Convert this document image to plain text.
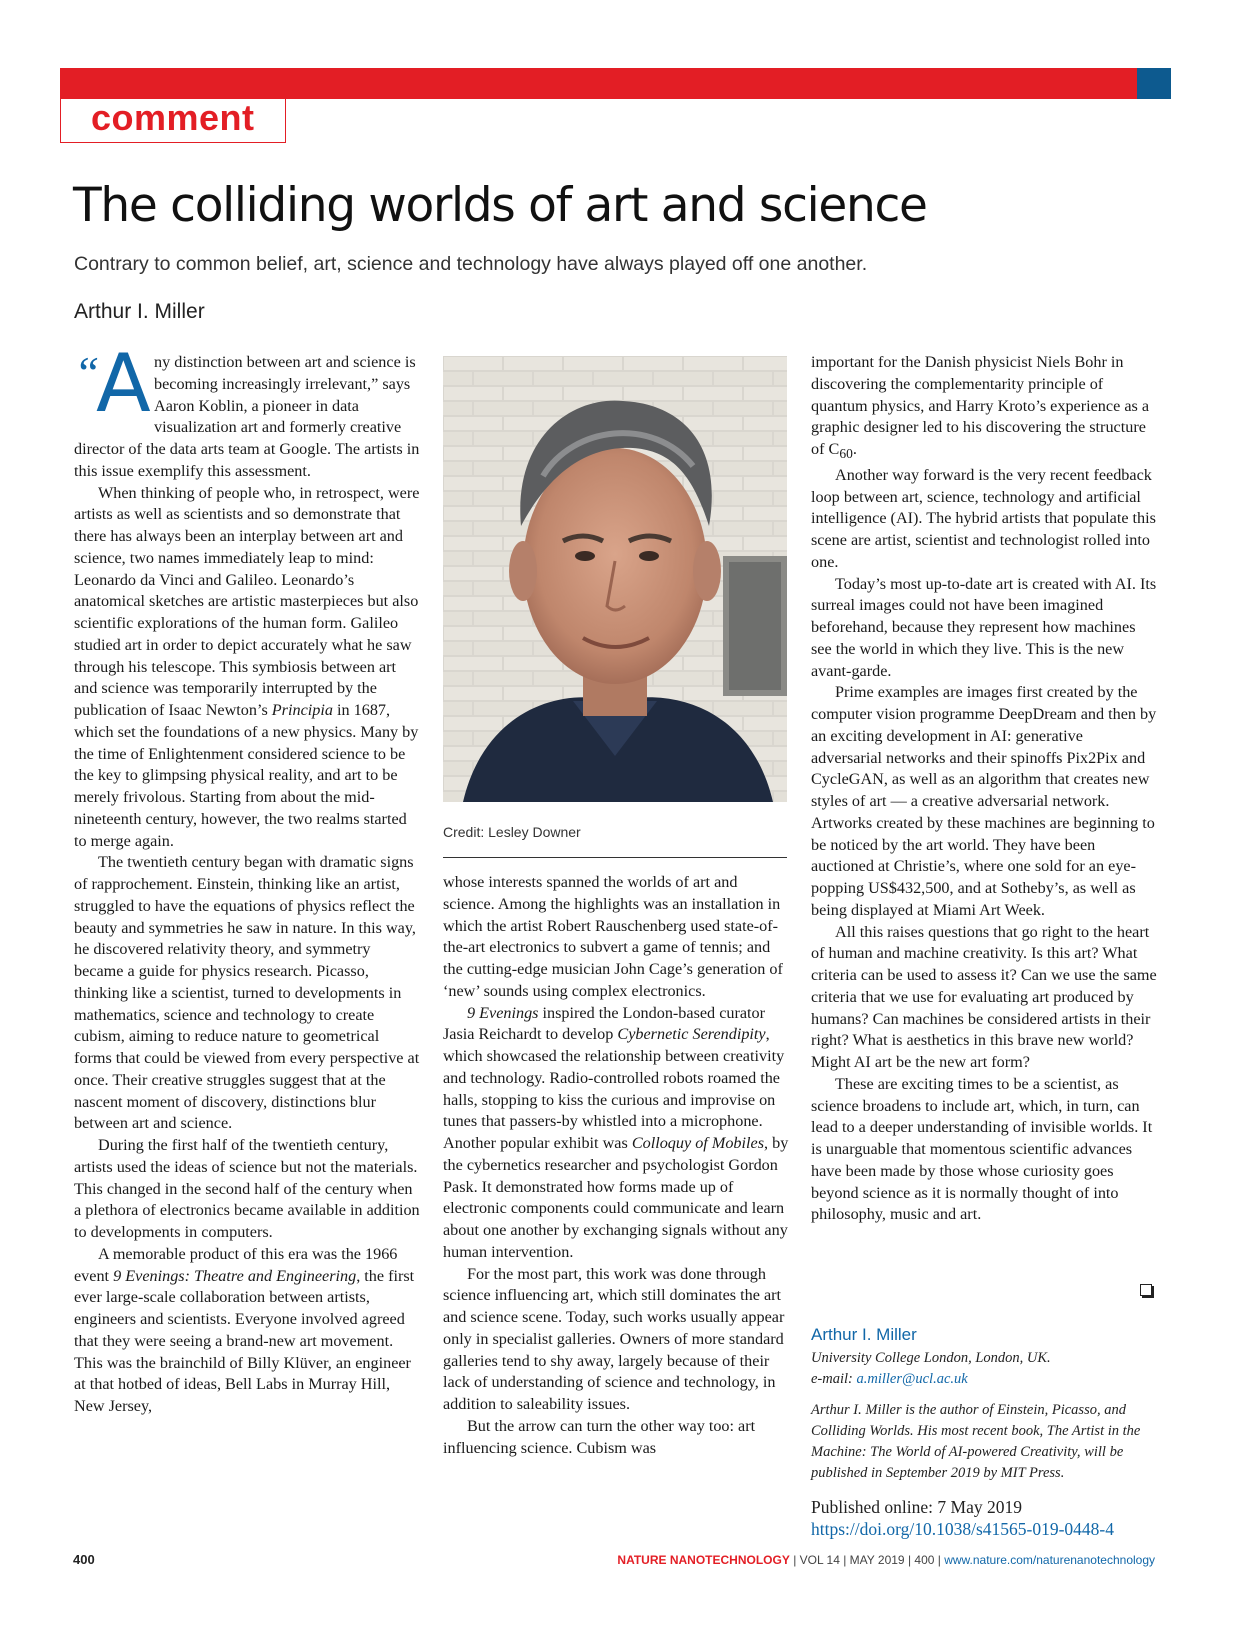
comment
The colliding worlds of art and science

Contrary to common belief, art, science and technology have always played off one another.

Arthur I. Miller

“
A ny distinction between art and science is becoming increasingly irrelevant,” says Aaron Koblin, a pioneer in data visualization art and formerly creative director of the data arts team at Google. The artists in this issue exemplify this assessment.

When thinking of people who, in retrospect, were artists as well as scientists and so demonstrate that there has always been an interplay between art and science, two names immediately leap to mind: Leonardo da Vinci and Galileo. Leonardo’s anatomical sketches are artistic masterpieces but also scientific explorations of the human form. Galileo studied art in order to depict accurately what he saw through his telescope. This symbiosis between art and science was temporarily interrupted by the publication of Isaac Newton’s Principia in 1687, which set the foundations of a new physics. Many by the time of Enlightenment considered science to be the key to glimpsing physical reality, and art to be merely frivolous. Starting from about the mid-nineteenth century, however, the two realms started to merge again.

The twentieth century began with dramatic signs of rapprochement. Einstein, thinking like an artist, struggled to have the equations of physics reflect the beauty and symmetries he saw in nature. In this way, he discovered relativity theory, and symmetry became a guide for physics research. Picasso, thinking like a scientist, turned to developments in mathematics, science and technology to create cubism, aiming to reduce nature to geometrical forms that could be viewed from every perspective at once. Their creative struggles suggest that at the nascent moment of discovery, distinctions blur between art and science.

During the first half of the twentieth century, artists used the ideas of science but not the materials. This changed in the second half of the century when a plethora of electronics became available in addition to developments in computers.

A memorable product of this era was the 1966 event 9 Evenings: Theatre and Engineering, the first ever large-scale collaboration between artists, engineers and scientists. Everyone involved agreed that they were seeing a brand-new art movement. This was the brainchild of Billy Klüver, an engineer at that hotbed of ideas, Bell Labs in Murray Hill, New Jersey,

Credit: Lesley Downer

whose interests spanned the worlds of art and science. Among the highlights was an installation in which the artist Robert Rauschenberg used state-of-the-art electronics to subvert a game of tennis; and the cutting-edge musician John Cage’s generation of ‘new’ sounds using complex electronics.

9 Evenings inspired the London-based curator Jasia Reichardt to develop Cybernetic Serendipity, which showcased the relationship between creativity and technology. Radio-controlled robots roamed the halls, stopping to kiss the curious and improvise on tunes that passers-by whistled into a microphone. Another popular exhibit was Colloquy of Mobiles, by the cybernetics researcher and psychologist Gordon Pask. It demonstrated how forms made up of electronic components could communicate and learn about one another by exchanging signals without any human intervention.

For the most part, this work was done through science influencing art, which still dominates the art and science scene. Today, such works usually appear only in specialist galleries. Owners of more standard galleries tend to shy away, largely because of their lack of understanding of science and technology, in addition to saleability issues.

But the arrow can turn the other way too: art influencing science. Cubism was

important for the Danish physicist Niels Bohr in discovering the complementarity principle of quantum physics, and Harry Kroto’s experience as a graphic designer led to his discovering the structure of $C_{60}$.

Another way forward is the very recent feedback loop between art, science, technology and artificial intelligence (AI). The hybrid artists that populate this scene are artist, scientist and technologist rolled into one.

Today’s most up-to-date art is created with AI. Its surreal images could not have been imagined beforehand, because they represent how machines see the world in which they live. This is the new avant-garde.

Prime examples are images first created by the computer vision programme DeepDream and then by an exciting development in AI: generative adversarial networks and their spinoffs Pix2Pix and CycleGAN, as well as an algorithm that creates new styles of art — a creative adversarial network. Artworks created by these machines are beginning to be noticed by the art world. They have been auctioned at Christie’s, where one sold for an eye-popping US$432,500, and at Sotheby’s, as well as being displayed at Miami Art Week.

All this raises questions that go right to the heart of human and machine creativity. Is this art? What criteria can be used to assess it? Can we use the same criteria that we use for evaluating art produced by humans? Can machines be considered artists in their right? What is aesthetics in this brave new world? Might AI art be the new art form?

These are exciting times to be a scientist, as science broadens to include art, which, in turn, can lead to a deeper understanding of invisible worlds. It is unarguable that momentous scientific advances have been made by those whose curiosity goes beyond science as it is normally thought of into philosophy, music and art.

Arthur I. Miller

University College London, London, UK.

e-mail: a.miller@ucl.ac.uk

Arthur I. Miller is the author of Einstein, Picasso, and Colliding Worlds. His most recent book, The Artist in the Machine: The World of AI-powered Creativity, will be published in September 2019 by MIT Press.

Published online: 7 May 2019
https://doi.org/10.1038/s41565-019-0448-4
400	NATURE NANOTECHNOLOGY | VOL 14 | MAY 2019 | 400 | www.nature.com/naturenanotechnology
